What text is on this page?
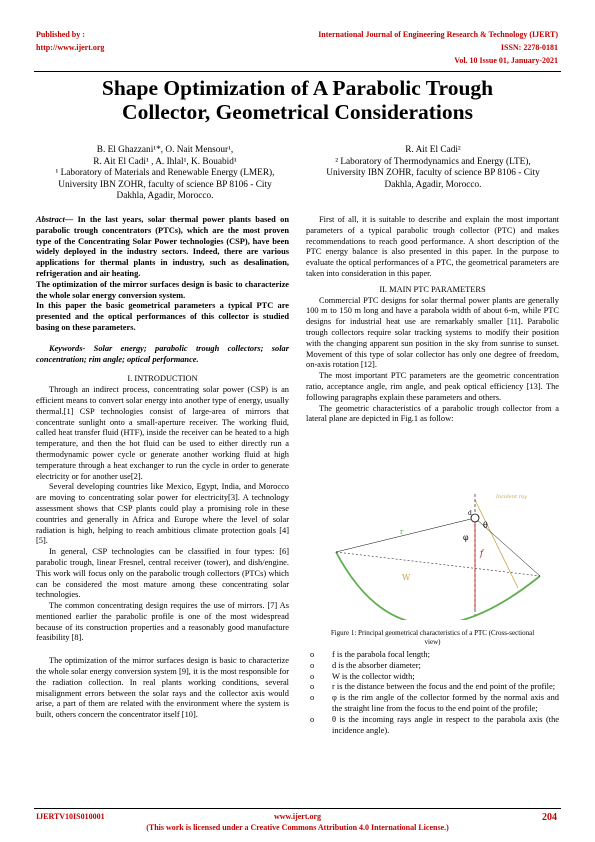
Published by :
http://www.ijert.org
International Journal of Engineering Research & Technology (IJERT)
ISSN: 2278-0181
Vol. 10 Issue 01, January-2021
Shape Optimization of A Parabolic Trough
Collector, Geometrical Considerations
B. El Ghazzani¹*, O. Nait Mensour¹,
R. Ait El Cadi¹ , A. Ihlal¹, K. Bouabid¹
¹ Laboratory of Materials and Renewable Energy (LMER),
University IBN ZOHR, faculty of science BP 8106 - City
Dakhla, Agadir, Morocco.
R. Ait El Cadi²
² Laboratory of Thermodynamics and Energy (LTE),
University IBN ZOHR, faculty of science BP 8106 - City
Dakhla, Agadir, Morocco.

Abstract— In the last years, solar thermal power plants based on parabolic trough concentrators (PTCs), which are the most proven type of the Concentrating Solar Power technologies (CSP), have been widely deployed in the industry sectors. Indeed, there are various applications for thermal plants in industry, such as desalination, refrigeration and air heating.

The optimization of the mirror surfaces design is basic to characterize the whole solar energy conversion system.

In this paper the basic geometrical parameters a typical PTC are presented and the optical performances of this collector is studied basing on these parameters.

Keywords- Solar energy; parabolic trough collectors; solar concentration; rim angle; optical performance.

I. INTRODUCTION

Through an indirect process, concentrating solar power (CSP) is an efficient means to convert solar energy into another type of energy, usually thermal.[1] CSP technologies consist of large-area of mirrors that concentrate sunlight onto a small-aperture receiver. The working fluid, called heat transfer fluid (HTF), inside the receiver can be heated to a high temperature, and then the hot fluid can be used to either directly run a thermodynamic power cycle or generate another working fluid at high temperature through a heat exchanger to run the cycle in order to generate electricity or for another use[2].

Several developing countries like Mexico, Egypt, India, and Morocco are moving to concentrating solar power for electricity[3]. A technology assessment shows that CSP plants could play a promising role in these countries and generally in Africa and Europe where the level of solar radiation is high, helping to reach ambitious climate protection goals [4][5].

In general, CSP technologies can be classified in four types: [6] parabolic trough, linear Fresnel, central receiver (tower), and dish/engine. This work will focus only on the parabolic trough collectors (PTCs) which can be considered the most mature among these concentrating solar technologies.

The common concentrating design requires the use of mirrors. [7] As mentioned earlier the parabolic profile is one of the most widespread because of its construction properties and a reasonably good manufacture feasibility [8].

The optimization of the mirror surfaces design is basic to characterize the whole solar energy conversion system [9], it is the most responsible for the radiation collection. In real plants working conditions, several misalignment errors between the solar rays and the collector axis would arise, a part of them are related with the environment where the system is built, others concern the concentrator itself [10].

First of all, it is suitable to describe and explain the most important parameters of a typical parabolic trough collector (PTC) and makes recommendations to reach good performance. A short description of the PTC energy balance is also presented in this paper. In the purpose to evaluate the optical performances of a PTC, the geometrical parameters are taken into consideration in this paper.

II. MAIN PTC PARAMETERS

Commercial PTC designs for solar thermal power plants are generally 100 m to 150 m long and have a parabola width of about 6-m, while PTC designs for industrial heat use are remarkably smaller [11]. Parabolic trough collectors require solar tracking systems to modify their position with the changing apparent sun position in the sky from sunrise to sunset. Movement of this type of solar collector has only one degree of freedom, on-axis rotation [12].

The most important PTC parameters are the geometric concentration ratio, acceptance angle, rim angle, and peak optical efficiency [13]. The following paragraphs explain these parameters and others.

The geometric characteristics of a parabolic trough collector from a lateral plane are depicted in Fig.1 as follow:

d
f
W
r
φ
θ
Incident ray
Figure 1: Principal geometrical characteristics of a PTC (Cross-sectional
view)
o f is the parabola focal length;
o d is the absorber diameter;
o W is the collector width;
o r is the distance between the focus and the end point of the profile;
o φ is the rim angle of the collector formed by the normal axis and the straight line from the focus to the end point of the profile;
o θ is the incoming rays angle in respect to the parabola axis (the incidence angle).
IJERTV10IS010001	www.ijert.org	204
(This work is licensed under a Creative Commons Attribution 4.0 International License.)
